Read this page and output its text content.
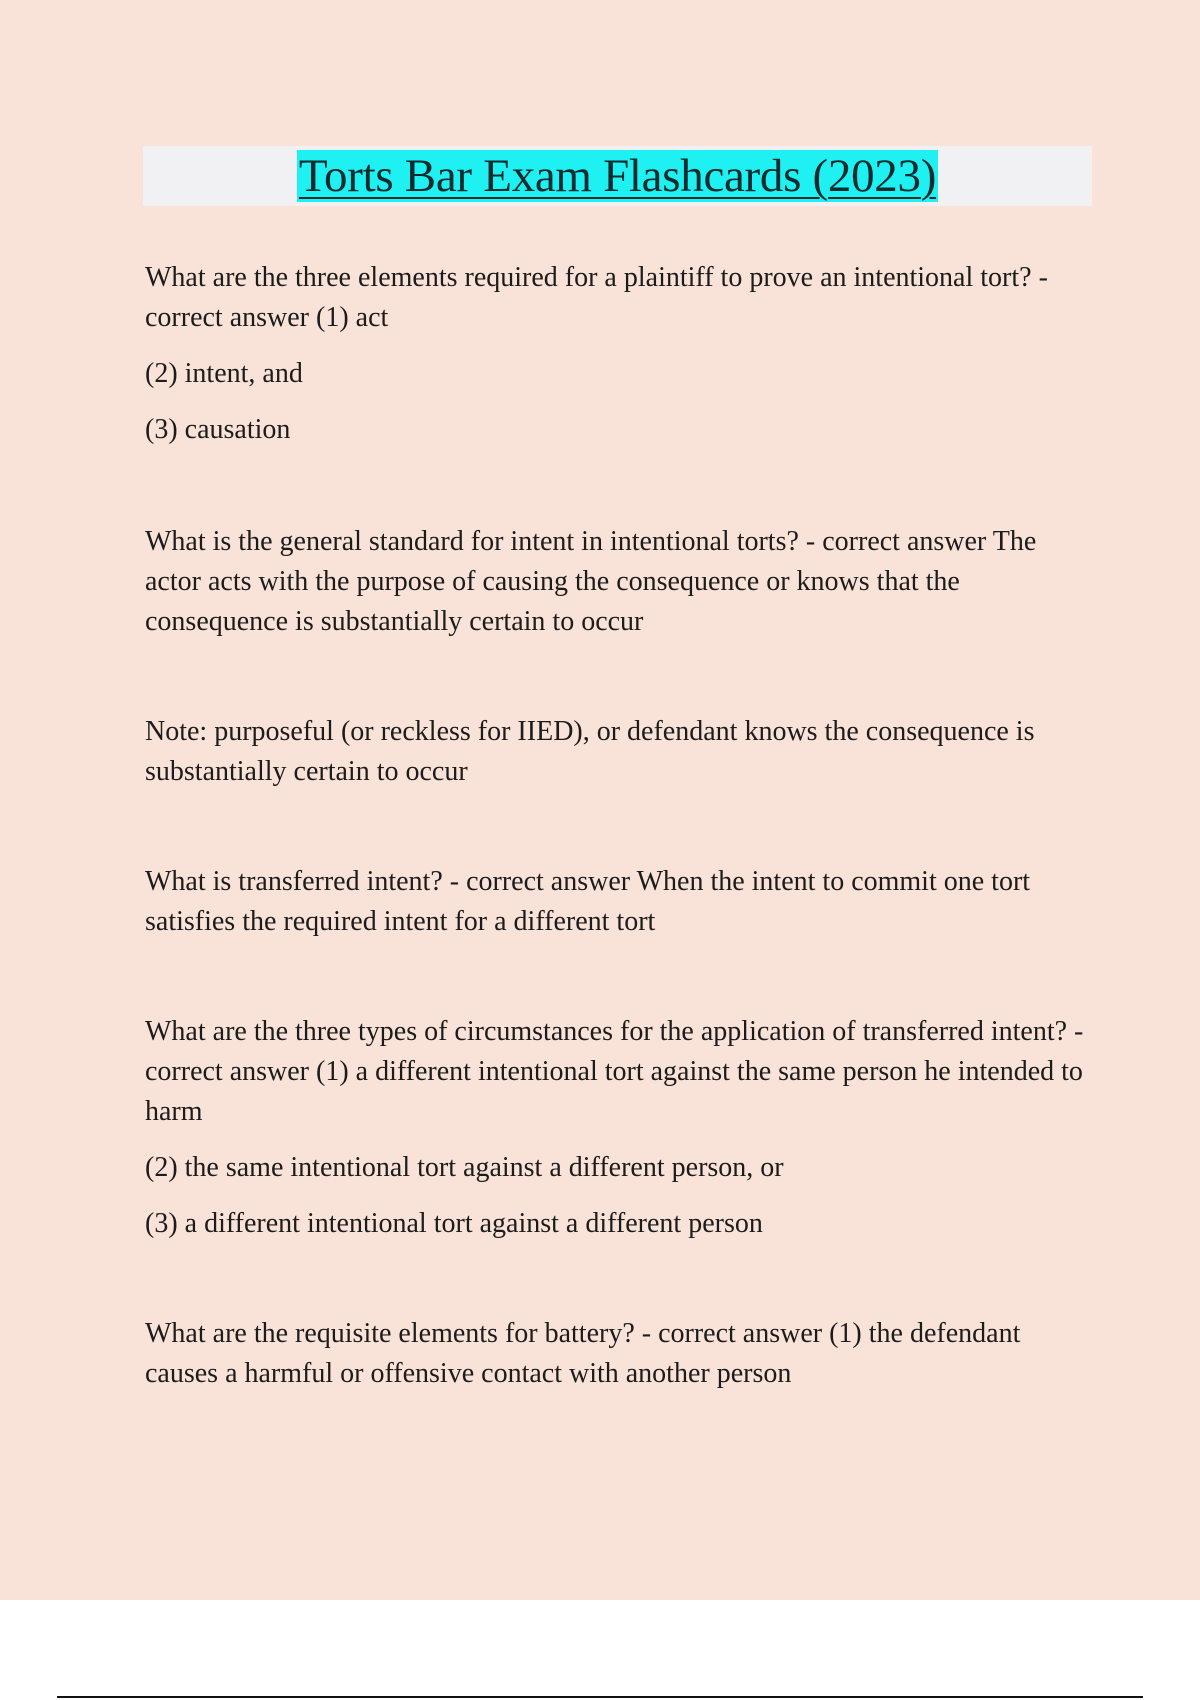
Torts Bar Exam Flashcards (2023)

What are the three elements required for a plaintiff to prove an intentional tort? - correct answer (1) act

(2) intent, and

(3) causation

What is the general standard for intent in intentional torts? - correct answer The actor acts with the purpose of causing the consequence or knows that the consequence is substantially certain to occur

Note: purposeful (or reckless for IIED), or defendant knows the consequence is substantially certain to occur

What is transferred intent? - correct answer When the intent to commit one tort satisfies the required intent for a different tort

What are the three types of circumstances for the application of transferred intent? - correct answer (1) a different intentional tort against the same person he intended to harm

(2) the same intentional tort against a different person, or

(3) a different intentional tort against a different person

What are the requisite elements for battery? - correct answer (1) the defendant causes a harmful or offensive contact with another person
